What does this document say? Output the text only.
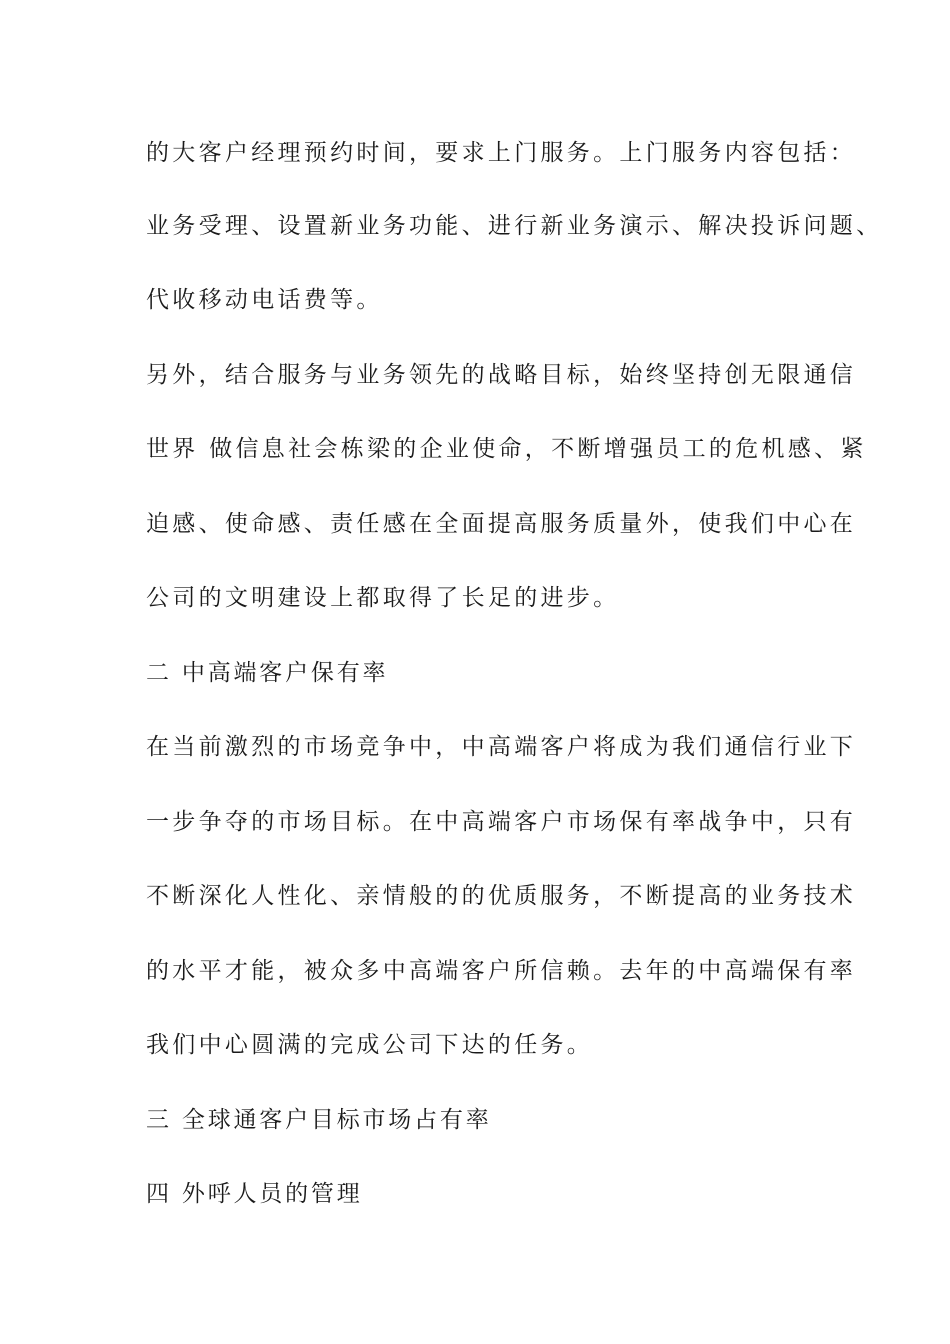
的大客户经理预约时间，要求上门服务。上门服务内容包括：
业务受理、设置新业务功能、进行新业务演示、解决投诉问题、
代收移动电话费等。
另外，结合服务与业务领先的战略目标，始终坚持创无限通信
世界 做信息社会栋梁的企业使命，不断增强员工的危机感、紧
迫感、使命感、责任感在全面提高服务质量外，使我们中心在
公司的文明建设上都取得了长足的进步。
二 中高端客户保有率
在当前激烈的市场竞争中，中高端客户将成为我们通信行业下
一步争夺的市场目标。在中高端客户市场保有率战争中，只有
不断深化人性化、亲情般的的优质服务，不断提高的业务技术
的水平才能，被众多中高端客户所信赖。去年的中高端保有率
我们中心圆满的完成公司下达的任务。
三 全球通客户目标市场占有率
四 外呼人员的管理
